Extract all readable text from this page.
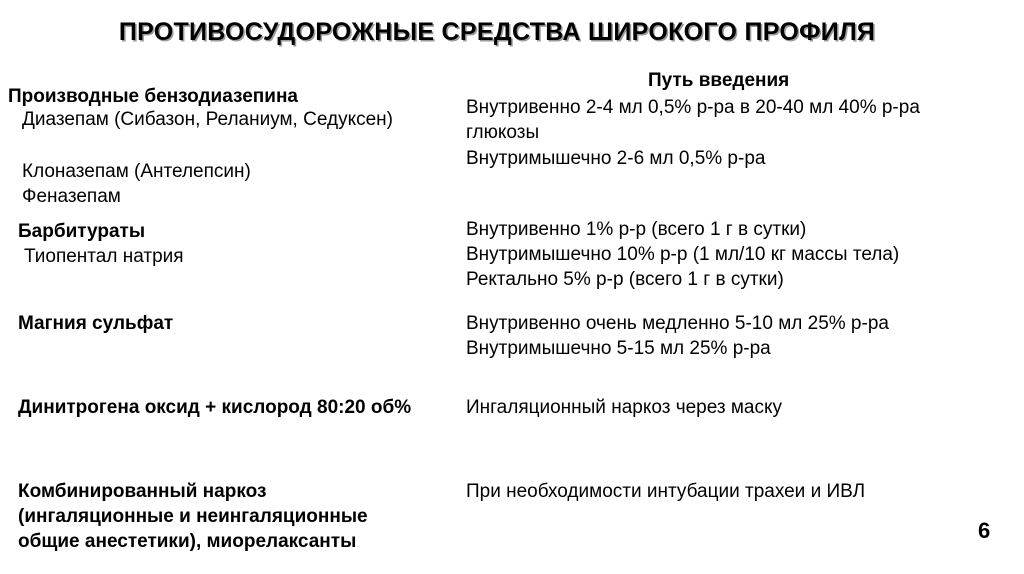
ПРОТИВОСУДОРОЖНЫЕ СРЕДСТВА ШИРОКОГО ПРОФИЛЯ
Путь введения
Производные бензодиазепина
Диазепам (Сибазон, Реланиум, Седуксен)
Клоназепам (Антелепсин)
Феназепам
Внутривенно 2-4 мл 0,5% р-ра в 20-40 мл 40% р-ра
глюкозы
Внутримышечно 2-6 мл 0,5% р-ра
Барбитураты
Тиопентал натрия
Внутривенно 1% р-р (всего 1 г в сутки)
Внутримышечно 10% р-р (1 мл/10 кг массы тела)
Ректально 5% р-р (всего 1 г в сутки)
Магния сульфат	Внутривенно очень медленно 5-10 мл 25% р-ра
Внутримышечно 5-15 мл 25% р-ра
Динитрогена оксид + кислород 80:20 об%	Ингаляционный наркоз через маску
Комбинированный наркоз
(ингаляционные и неингаляционные
общие анестетики), миорелаксанты
При необходимости интубации трахеи и ИВЛ
6
